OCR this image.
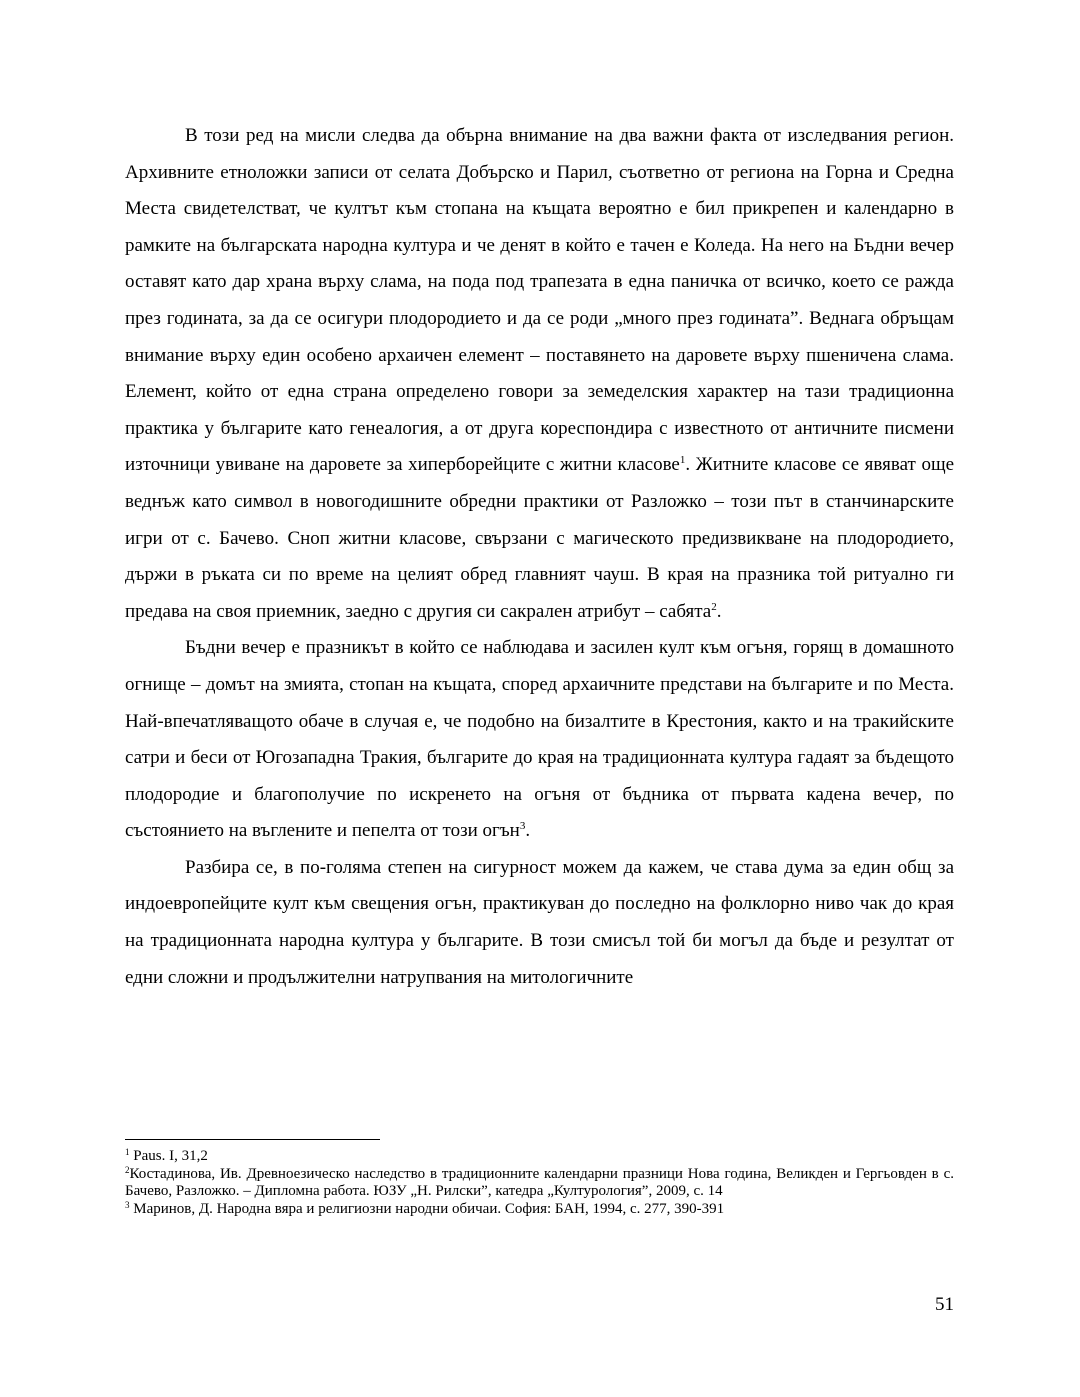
В този ред на мисли следва да обърна внимание на два важни факта от изследвания регион. Архивните етноложки записи от селата Добърско и Парил, съответно от региона на Горна и Средна Места свидетелстват, че култът към стопана на къщата вероятно е бил прикрепен и календарно в рамките на българската народна култура и че денят в който е тачен е Коледа. На него на Бъдни вечер оставят като дар храна върху слама, на пода под трапезата в една паничка от всичко, което се ражда през годината, за да се осигури плодородието и да се роди „много през годината”. Веднага обръщам внимание върху един особено архаичен елемент – поставянето на даровете върху пшеничена слама. Елемент, който от една страна определено говори за земеделския характер на тази традиционна практика у българите като генеалогия, а от друга кореспондира с известното от античните писмени източници увиване на даровете за хиперборейците с житни класове$^1$. Житните класове се явяват още веднъж като символ в новогодишните обредни практики от Разложко – този път в станчинарските игри от с. Бачево. Сноп житни класове, свързани с магическото предизвикване на плодородието, държи в ръката си по време на целият обред главният чауш. В края на празника той ритуално ги предава на своя приемник, заедно с другия си сакрален атрибут – сабята$^2$.

Бъдни вечер е празникът в който се наблюдава и засилен култ към огъня, горящ в домашното огнище – домът на змията, стопан на къщата, според архаичните представи на българите и по Места. Най-впечатляващото обаче в случая е, че подобно на бизалтите в Крестония, както и на тракийските сатри и беси от Югозападна Тракия, българите до края на традиционната култура гадаят за бъдещото плодородие и благополучие по искренето на огъня от бъдника от първата кадена вечер, по състоянието на въглените и пепелта от този огън$^3$.

Разбира се, в по-голяма степен на сигурност можем да кажем, че става дума за един общ за индоевропейците култ към свещения огън, практикуван до последно на фолклорно ниво чак до края на традиционната народна култура у българите. В този смисъл той би могъл да бъде и резултат от едни сложни и продължителни натрупвания на митологичните

$^1$ Paus. I, 31,2

$^2$Костадинова, Ив. Древноезическо наследство в традиционните календарни празници Нова година, Великден и Гергьовден в с. Бачево, Разложко. – Дипломна работа. ЮЗУ „Н. Рилски”, катедра „Културология”, 2009, с. 14

$^3$ Маринов, Д. Народна вяра и религиозни народни обичаи. София: БАН, 1994, с. 277, 390-391

51
